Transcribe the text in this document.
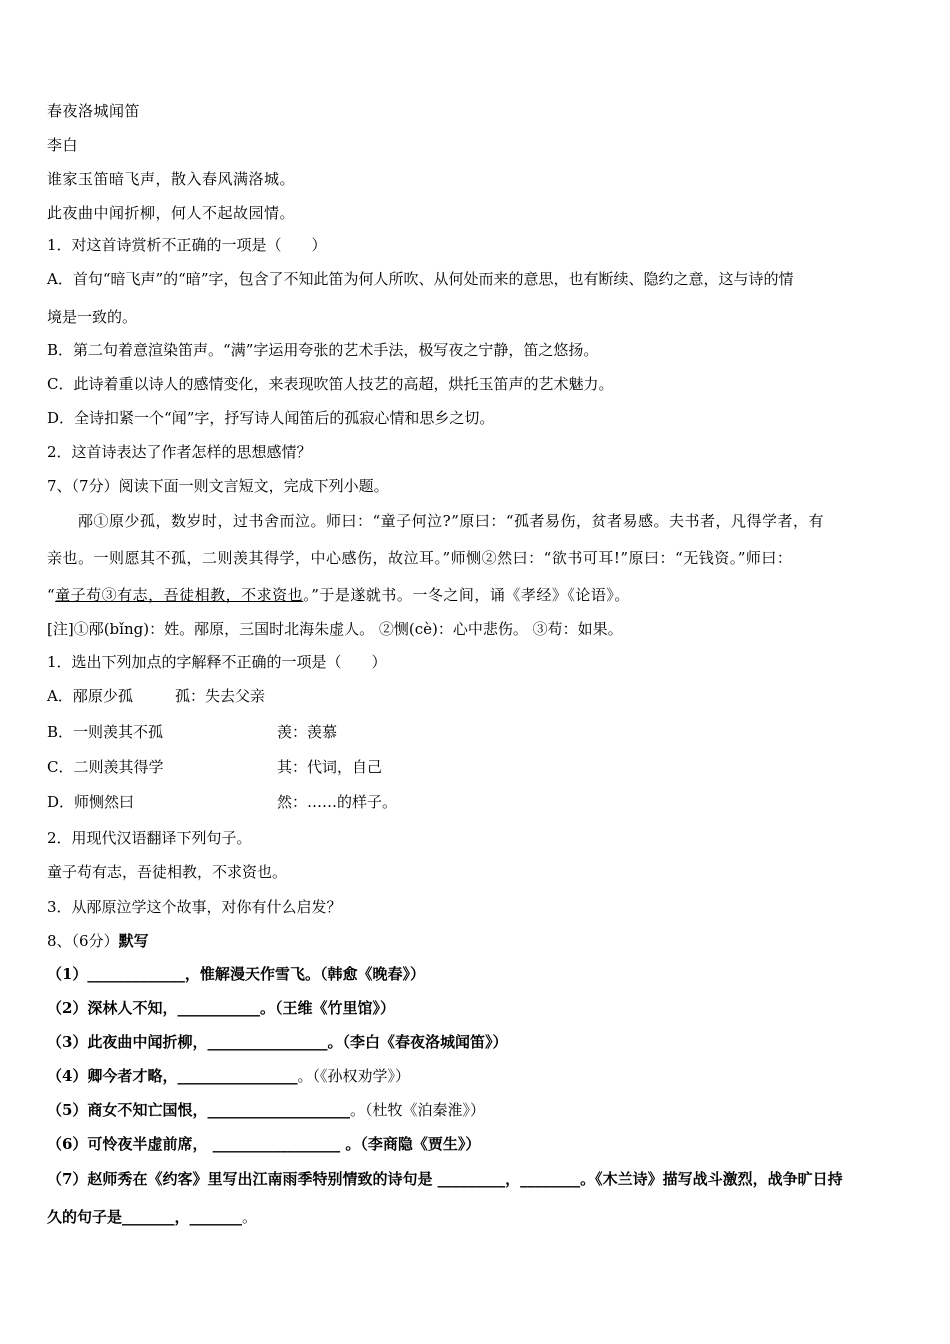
春夜洛城闻笛
李白
谁家玉笛暗飞声，散入春风满洛城。
此夜曲中闻折柳，何人不起故园情。
1．对这首诗赏析不正确的一项是（　　）
A．首句“暗飞声”的“暗”字，包含了不知此笛为何人所吹、从何处而来的意思，也有断续、隐约之意，这与诗的情
境是一致的。
B．第二句着意渲染笛声。“满”字运用夸张的艺术手法，极写夜之宁静，笛之悠扬。
C．此诗着重以诗人的感情变化，来表现吹笛人技艺的高超，烘托玉笛声的艺术魅力。
D．全诗扣紧一个“闻”字，抒写诗人闻笛后的孤寂心情和思乡之切。
2．这首诗表达了作者怎样的思想感情？
7、（7分）阅读下面一则文言短文，完成下列小题。
邴①原少孤，数岁时，过书舍而泣。师曰：“童子何泣?”原曰：“孤者易伤，贫者易感。夫书者，凡得学者，有
亲也。一则愿其不孤，二则羡其得学，中心感伤，故泣耳。”师恻②然曰：“欲书可耳!”原曰：“无钱资。”师曰：
“童子苟③有志，吾徒相教，不求资也。”于是遂就书。一冬之间，诵《孝经》《论语》。
[注]①邴(bǐng)：姓。邴原，三国时北海朱虚人。 ②恻(cè)：心中悲伤。 ③苟：如果。
1．选出下列加点的字解释不正确的一项是（　　）
A．邴原少孤	孤：失去父亲
B．一则羡其不孤	羡：羡慕
C．二则羡其得学	其：代词，自己
D．师恻然曰	然：……的样子。
2．用现代汉语翻译下列句子。
童子苟有志，吾徒相教，不求资也。
3．从邴原泣学这个故事，对你有什么启发？
8、（6分）默写
（1）_____________，惟解漫天作雪飞。（韩愈《晚春》）
（2）深林人不知，___________。（王维《竹里馆》）
（3）此夜曲中闻折柳，________________。（李白《春夜洛城闻笛》）
（4）卿今者才略，________________。（《孙权劝学》）
（5）商女不知亡国恨，___________________。（杜牧《泊秦淮》）
（6）可怜夜半虚前席， _________________ 。（李商隐《贾生》）
（7）赵师秀在《约客》里写出江南雨季特别情致的诗句是 _________，________。《木兰诗》描写战斗激烈，战争旷日持
久的句子是_______，_______。
